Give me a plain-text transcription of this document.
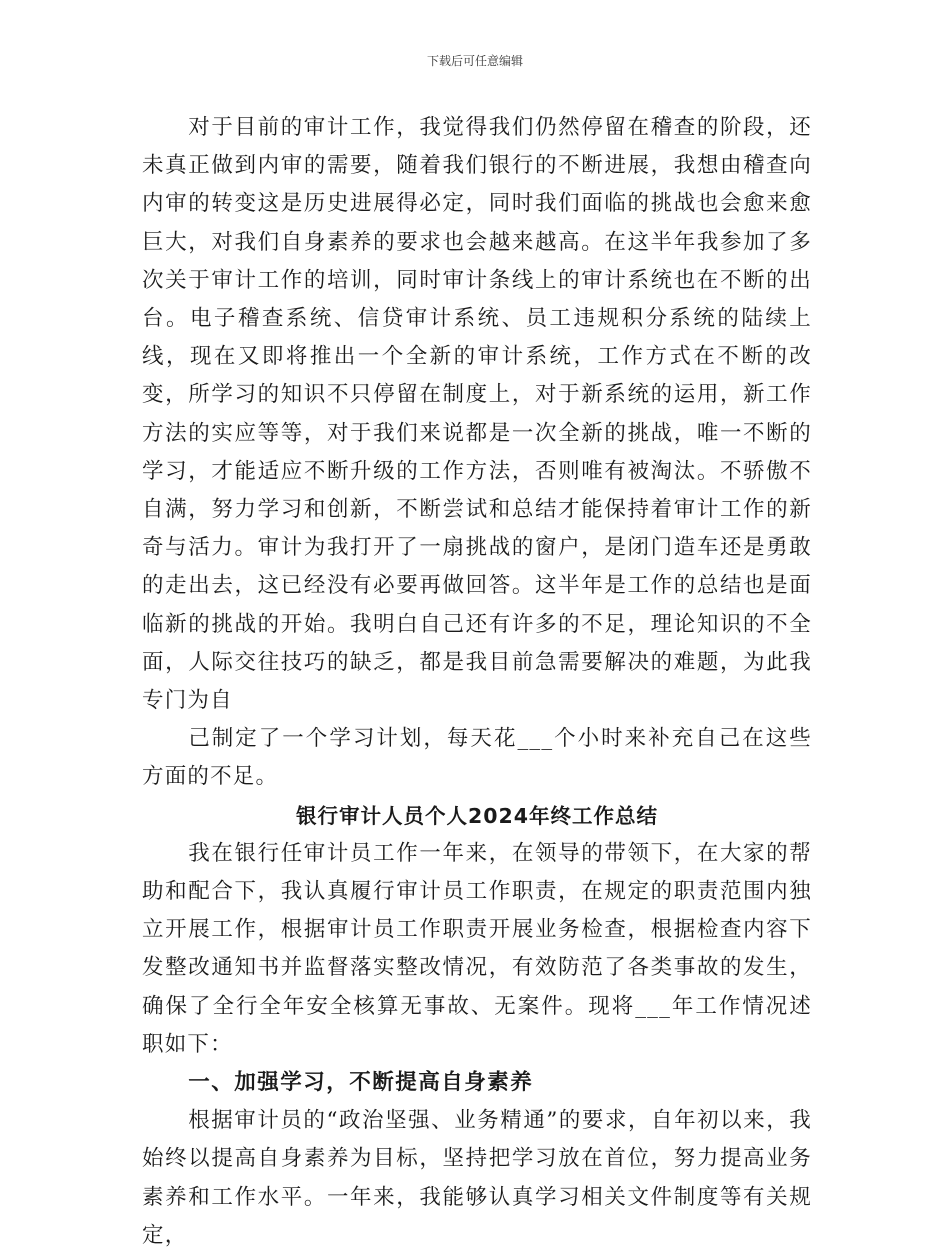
下载后可任意编辑

对于目前的审计工作，我觉得我们仍然停留在稽查的阶段，还未真正做到内审的需要，随着我们银行的不断进展，我想由稽查向内审的转变这是历史进展得必定，同时我们面临的挑战也会愈来愈巨大，对我们自身素养的要求也会越来越高。在这半年我参加了多次关于审计工作的培训，同时审计条线上的审计系统也在不断的出台。电子稽查系统、信贷审计系统、员工违规积分系统的陆续上线，现在又即将推出一个全新的审计系统，工作方式在不断的改变，所学习的知识不只停留在制度上，对于新系统的运用，新工作方法的实应等等，对于我们来说都是一次全新的挑战，唯一不断的学习，才能适应不断升级的工作方法，否则唯有被淘汰。不骄傲不自满，努力学习和创新，不断尝试和总结才能保持着审计工作的新奇与活力。审计为我打开了一扇挑战的窗户，是闭门造车还是勇敢的走出去，这已经没有必要再做回答。这半年是工作的总结也是面临新的挑战的开始。我明白自己还有许多的不足，理论知识的不全面，人际交往技巧的缺乏，都是我目前急需要解决的难题，为此我专门为自

己制定了一个学习计划，每天花___个小时来补充自己在这些方面的不足。

银行审计人员个人2024年终工作总结

我在银行任审计员工作一年来，在领导的带领下，在大家的帮助和配合下，我认真履行审计员工作职责，在规定的职责范围内独立开展工作，根据审计员工作职责开展业务检查，根据检查内容下发整改通知书并监督落实整改情况，有效防范了各类事故的发生，确保了全行全年安全核算无事故、无案件。现将___年工作情况述职如下：

一、加强学习，不断提高自身素养

根据审计员的“政治坚强、业务精通”的要求，自年初以来，我始终以提高自身素养为目标，坚持把学习放在首位，努力提高业务素养和工作水平。一年来，我能够认真学习相关文件制度等有关规定，
